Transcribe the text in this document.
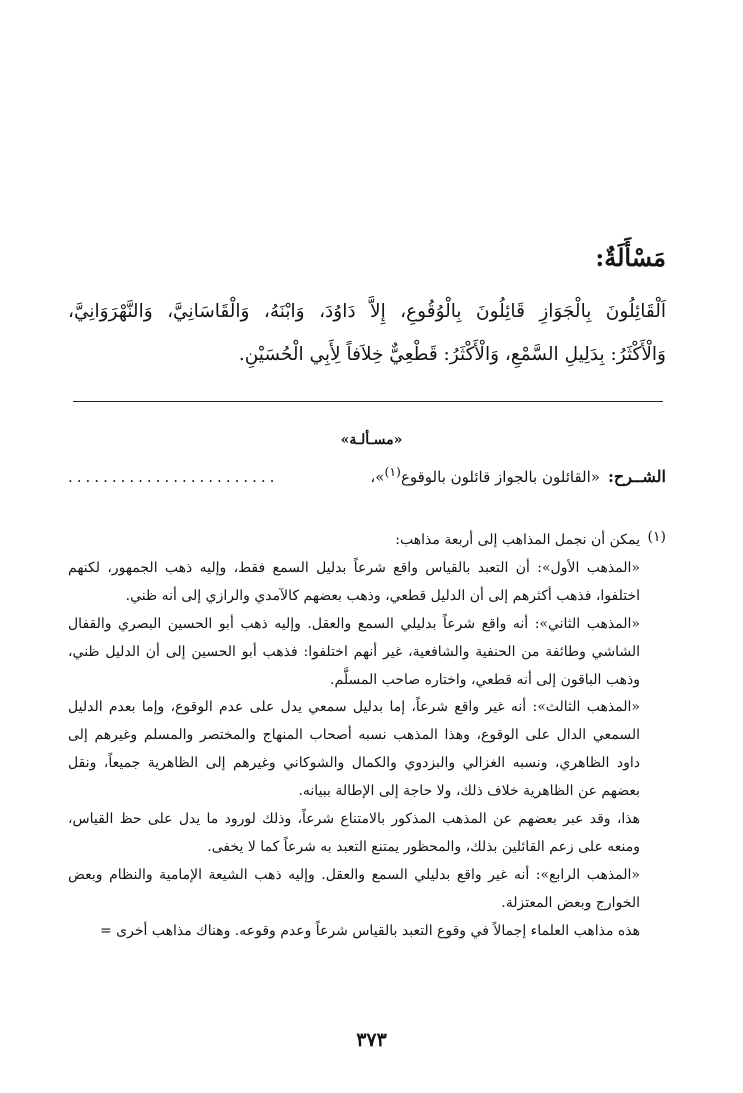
مَسْأَلَةٌ:

اَلْقَائِلُونَ بِالْجَوَازِ قَائِلُونَ بِالْوُقُوعِ، إِلاَّ دَاوُدَ، وَابْنَهُ، وَالْقَاسَانِيَّ، وَالنَّهْرَوَانِيَّ،

وَالْأَكْثَرُ: بِدَلِيلِ السَّمْعِ، وَالْأَكْثَرُ: قَطْعِيٌّ خِلاَفاً لِأَبِي الْحُسَيْنِ.

«مسـألـة»
الشــرح:
«القائلون بالجواز قائلون بالوقوع$^{(١)}$»،
........................
(١)

يمكن أن نجمل المذاهب إلى أربعة مذاهب:

«المذهب الأول»: أن التعبد بالقياس واقع شرعاً بدليل السمع فقط، وإليه ذهب الجمهور، لكنهم اختلفوا، فذهب أكثرهم إلى أن الدليل قطعي، وذهب بعضهم كالآمدي والرازي إلى أنه ظني.

«المذهب الثاني»: أنه واقع شرعاً بدليلي السمع والعقل. وإليه ذهب أبو الحسين البصري والقفال الشاشي وطائفة من الحنفية والشافعية، غير أنهم اختلفوا: فذهب أبو الحسين إلى أن الدليل ظني، وذهب الباقون إلى أنه قطعي، واختاره صاحب المسلَّم.

«المذهب الثالث»: أنه غير واقع شرعاً، إما بدليل سمعي يدل على عدم الوقوع، وإما بعدم الدليل السمعي الدال على الوقوع، وهذا المذهب نسبه أصحاب المنهاج والمختصر والمسلم وغيرهم إلى داود الظاهري، ونسبه الغزالي والبزدوي والكمال والشوكاني وغيرهم إلى الظاهرية جميعاً، ونقل بعضهم عن الظاهرية خلاف ذلك، ولا حاجة إلى الإطالة ببيانه.

هذا، وقد عبر بعضهم عن المذهب المذكور بالامتناع شرعاً، وذلك لورود ما يدل على حظ القياس، ومنعه على زعم القائلين بذلك، والمحظور يمتنع التعبد به شرعاً كما لا يخفى.

«المذهب الرابع»: أنه غير واقع بدليلي السمع والعقل. وإليه ذهب الشيعة الإمامية والنظام وبعض الخوارج وبعض المعتزلة.

هذه مذاهب العلماء إجمالاً في وقوع التعبد بالقياس شرعاً وعدم وقوعه. وهناك مذاهب أخرى =

٣٧٣
